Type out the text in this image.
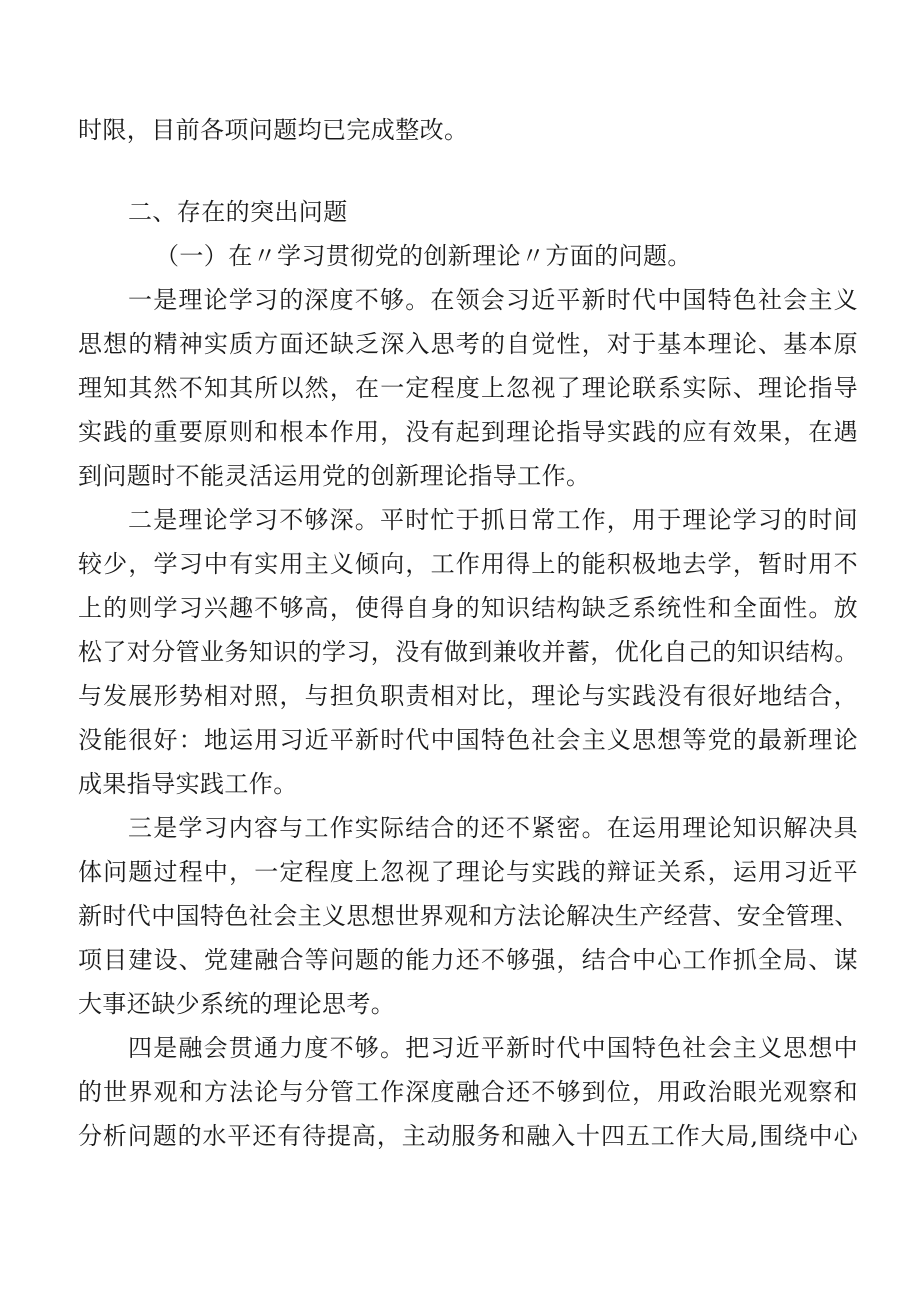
时限，目前各项问题均已完成整改。
二、存在的突出问题
（一）在〃学习贯彻党的创新理论〃方面的问题。
一是理论学习的深度不够。在领会习近平新时代中国特色社会主义
思想的精神实质方面还缺乏深入思考的自觉性，对于基本理论、基本原
理知其然不知其所以然，在一定程度上忽视了理论联系实际、理论指导
实践的重要原则和根本作用，没有起到理论指导实践的应有效果，在遇
到问题时不能灵活运用党的创新理论指导工作。
二是理论学习不够深。平时忙于抓日常工作，用于理论学习的时间
较少，学习中有实用主义倾向，工作用得上的能积极地去学，暂时用不
上的则学习兴趣不够高，使得自身的知识结构缺乏系统性和全面性。放
松了对分管业务知识的学习，没有做到兼收并蓄，优化自己的知识结构。
与发展形势相对照，与担负职责相对比，理论与实践没有很好地结合，
没能很好：地运用习近平新时代中国特色社会主义思想等党的最新理论
成果指导实践工作。
三是学习内容与工作实际结合的还不紧密。在运用理论知识解决具
体问题过程中，一定程度上忽视了理论与实践的辩证关系，运用习近平
新时代中国特色社会主义思想世界观和方法论解决生产经营、安全管理、
项目建设、党建融合等问题的能力还不够强，结合中心工作抓全局、谋
大事还缺少系统的理论思考。
四是融会贯通力度不够。把习近平新时代中国特色社会主义思想中
的世界观和方法论与分管工作深度融合还不够到位，用政治眼光观察和
分析问题的水平还有待提高，主动服务和融入十四五工作大局,围绕中心
